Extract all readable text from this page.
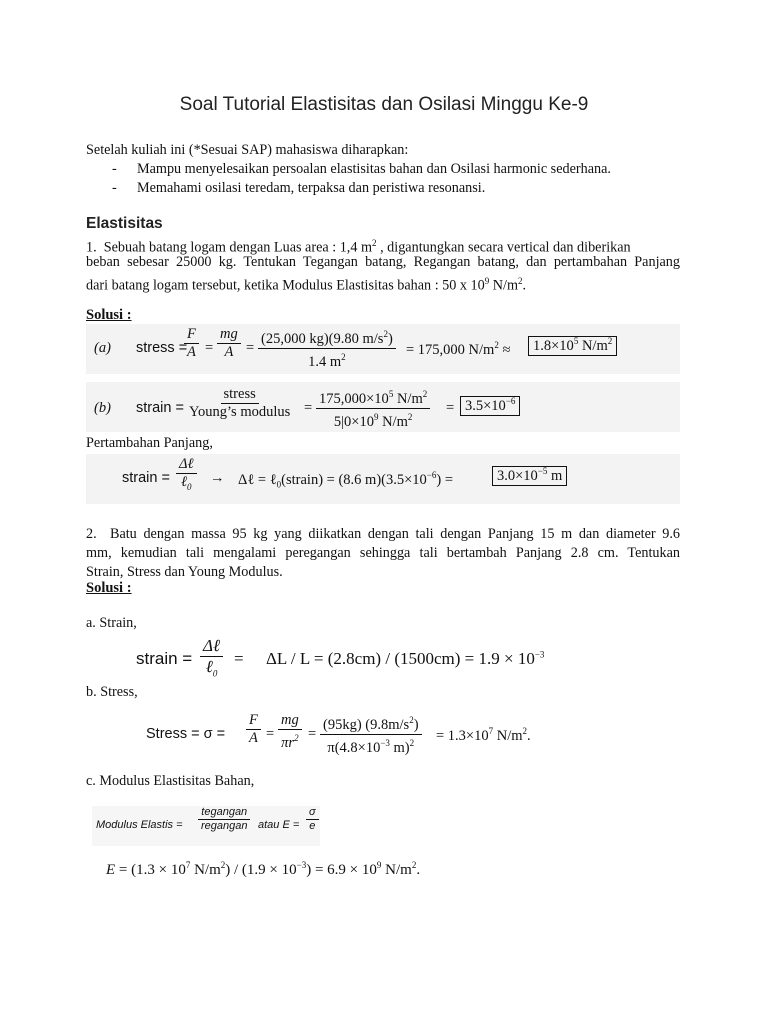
Soal Tutorial Elastisitas dan Osilasi Minggu Ke-9
Setelah kuliah ini (*Sesuai SAP) mahasiswa diharapkan:
- Mampu menyelesaikan persoalan elastisitas bahan dan Osilasi harmonic sederhana.
- Memahami osilasi teredam, terpaksa dan peristiwa resonansi.
Elastisitas
1. Sebuah batang logam dengan Luas area : 1,4 $m^2$ , digantungkan secara vertical dan diberikan
beban sebesar 25000 kg. Tentukan Tegangan batang, Regangan batang, dan pertambahan Panjang
dari batang logam tersebut, ketika Modulus Elastisitas bahan : 50 x $10^9$ $N/m^2$.
Solusi :
(a) stress =
$\frac{F}{A} = \frac{mg}{A} = \frac{(25,000 kg)(9.80 m/s^2)}{1.4 m^2} = 175,000$ $N/m^2$ ≈	$1.8\times 10^5$ $N/m^2$
(b) strain = $\frac{\text{stress}}{\text{Young’s modulus}} = \frac{175,000\times 10^5 N/m^2}{5|0\times 10^9 N/m^2} = 3.5\times 10^{-6}$
Pertambahan Panjang,
strain = $\frac{\text{Δℓ}}{\ell_0}$ → Δℓ = ℓ$_0$(strain) = (8.6 $m)(3.5\times 10^{-6})$ =	$3.0\times 10^{-5}$ m
2. Batu dengan massa 95 kg yang diikatkan dengan tali dengan Panjang 15 m dan diameter 9.6
mm, kemudian tali mengalami peregangan sehingga tali bertambah Panjang 2.8 cm. Tentukan
Strain, Stress dan Young Modulus.
Solusi :
a. Strain,
strain = $\frac{\text{Δℓ}}{\ell_0} = \Delta L / L = (2.8cm) / (1500cm) = 1.9 \times 10^{-3}$
b. Stress,
Stress = $\sigma = \frac{F}{A} = \frac{mg}{\pi r^2} = \frac{(95kg) (9.8m/s^2)}{\pi(4.8\times 10^{-3} m)^2} = 1.3\times 10^7$ $N/m^2$.
c. Modulus Elastisitas Bahan,
Modulus Elastis = $\frac{\text{tegangan}}{\text{regangan}}$ atau $E = \frac{\sigma}{e}$
$E = (1.3 \times 10^7$ $N/m^2) / (1.9 \times 10^{-3}) = 6.9 \times 10^9$ $N/m^2$.
